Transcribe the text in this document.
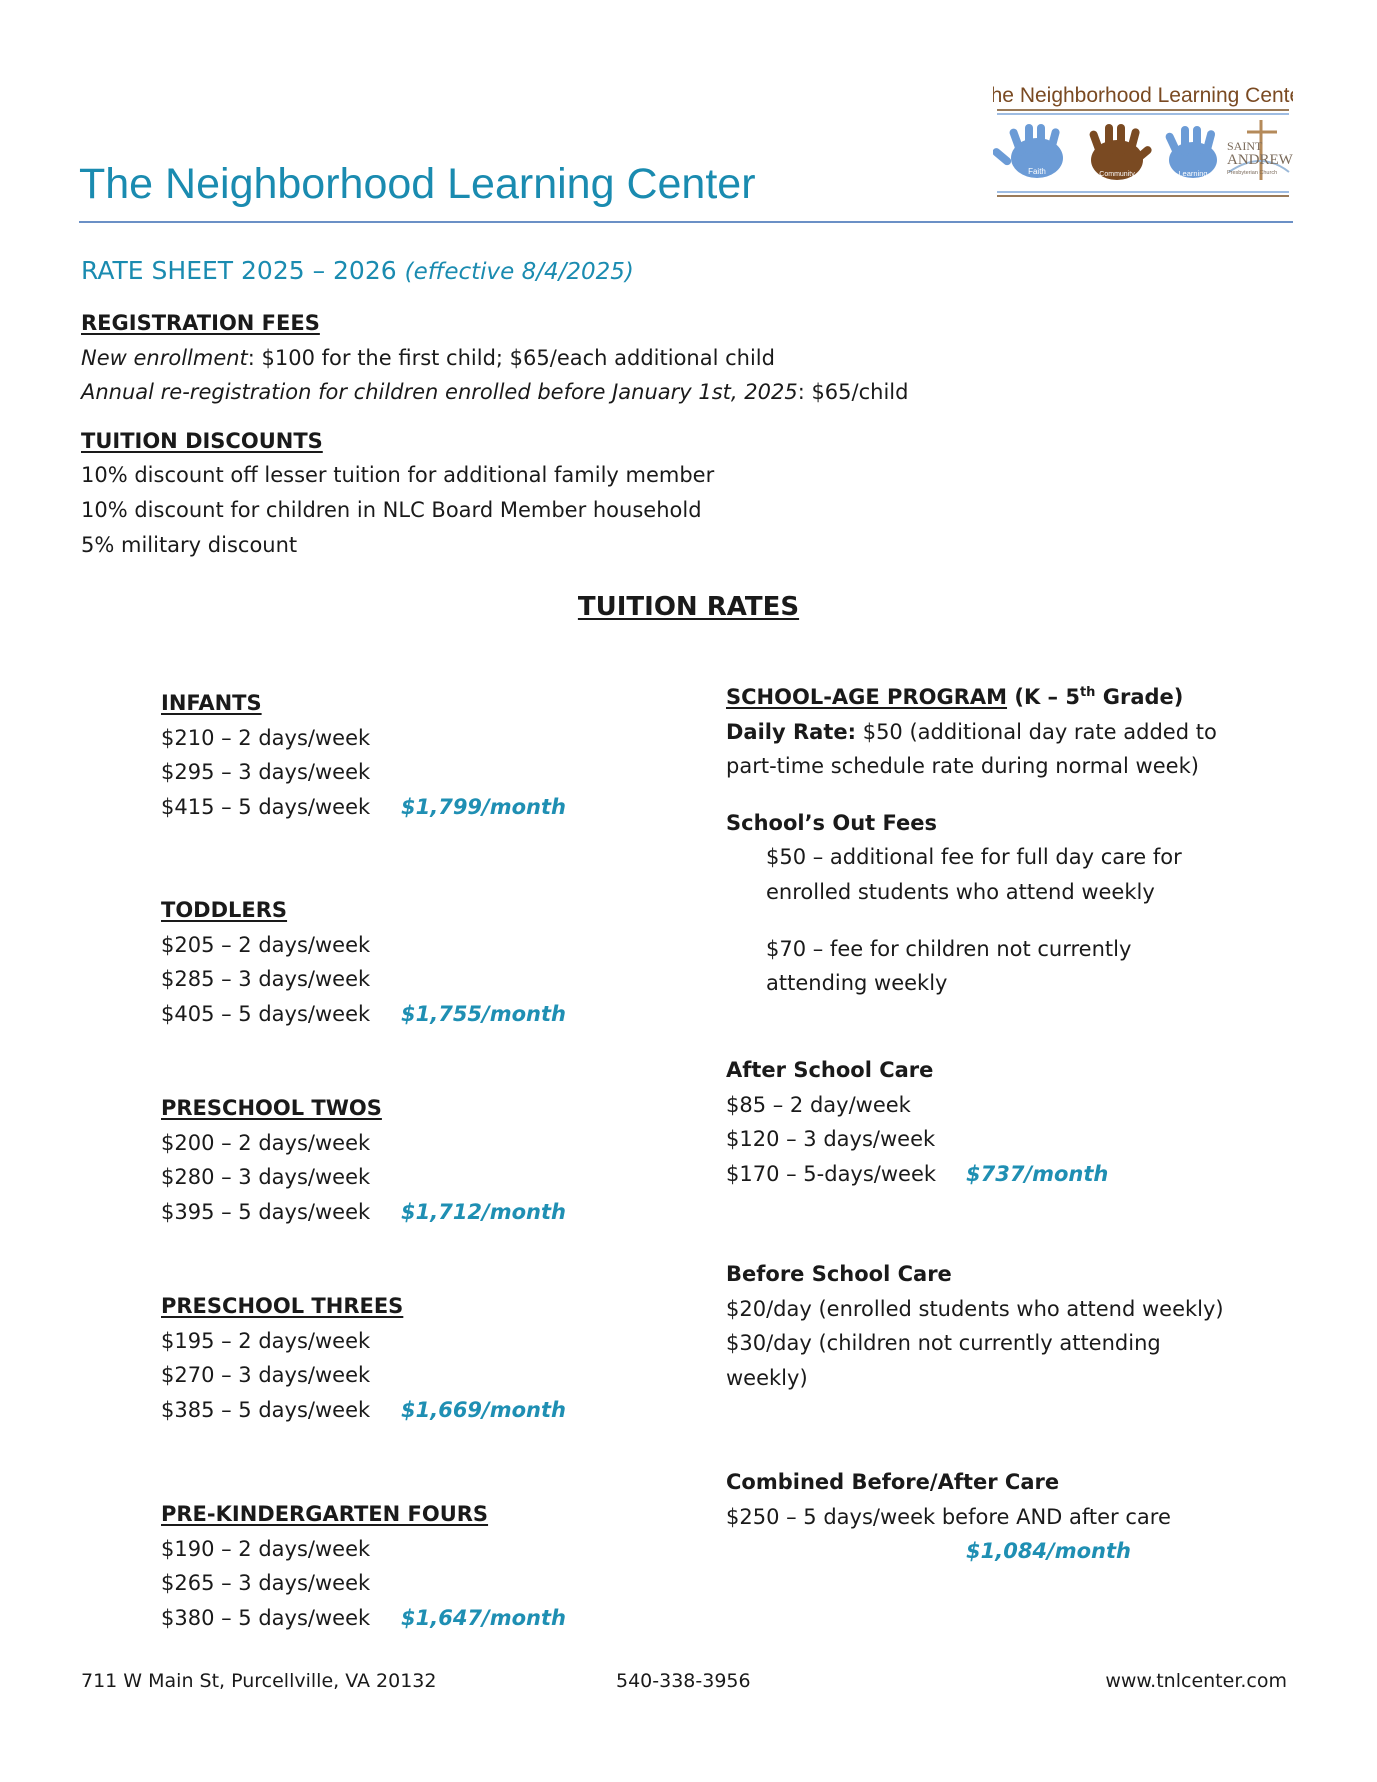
The Neighborhood Learning Center
Faith	Community	Learning
SAINT
ANDREW
Presbyterian Church
The Neighborhood Learning Center
RATE SHEET 2025 – 2026 (effective 8/4/2025)
REGISTRATION FEES
New enrollment: $100 for the first child; $65/each additional child
Annual re-registration for children enrolled before January 1st, 2025: $65/child
TUITION DISCOUNTS
10% discount off lesser tuition for additional family member
10% discount for children in NLC Board Member household
5% military discount
TUITION RATES
INFANTS
$210 – 2 days/week
$295 – 3 days/week
$415 – 5 days/week $1,799/month
TODDLERS
$205 – 2 days/week
$285 – 3 days/week
$405 – 5 days/week $1,755/month
PRESCHOOL TWOS
$200 – 2 days/week
$280 – 3 days/week
$395 – 5 days/week $1,712/month
PRESCHOOL THREES
$195 – 2 days/week
$270 – 3 days/week
$385 – 5 days/week $1,669/month
PRE-KINDERGARTEN FOURS
$190 – 2 days/week
$265 – 3 days/week
$380 – 5 days/week $1,647/month
SCHOOL-AGE PROGRAM (K – 5th Grade)
Daily Rate: $50 (additional day rate added to
part-time schedule rate during normal week)
School’s Out Fees
$50 – additional fee for full day care for
enrolled students who attend weekly
$70 – fee for children not currently
attending weekly
After School Care
$85 – 2 day/week
$120 – 3 days/week
$170 – 5-days/week $737/month
Before School Care
$20/day (enrolled students who attend weekly)
$30/day (children not currently attending
weekly)
Combined Before/After Care
$250 – 5 days/week before AND after care
$1,084/month

711 W Main St, Purcellville, VA 20132	540-338-3956	www.tnlcenter.com
